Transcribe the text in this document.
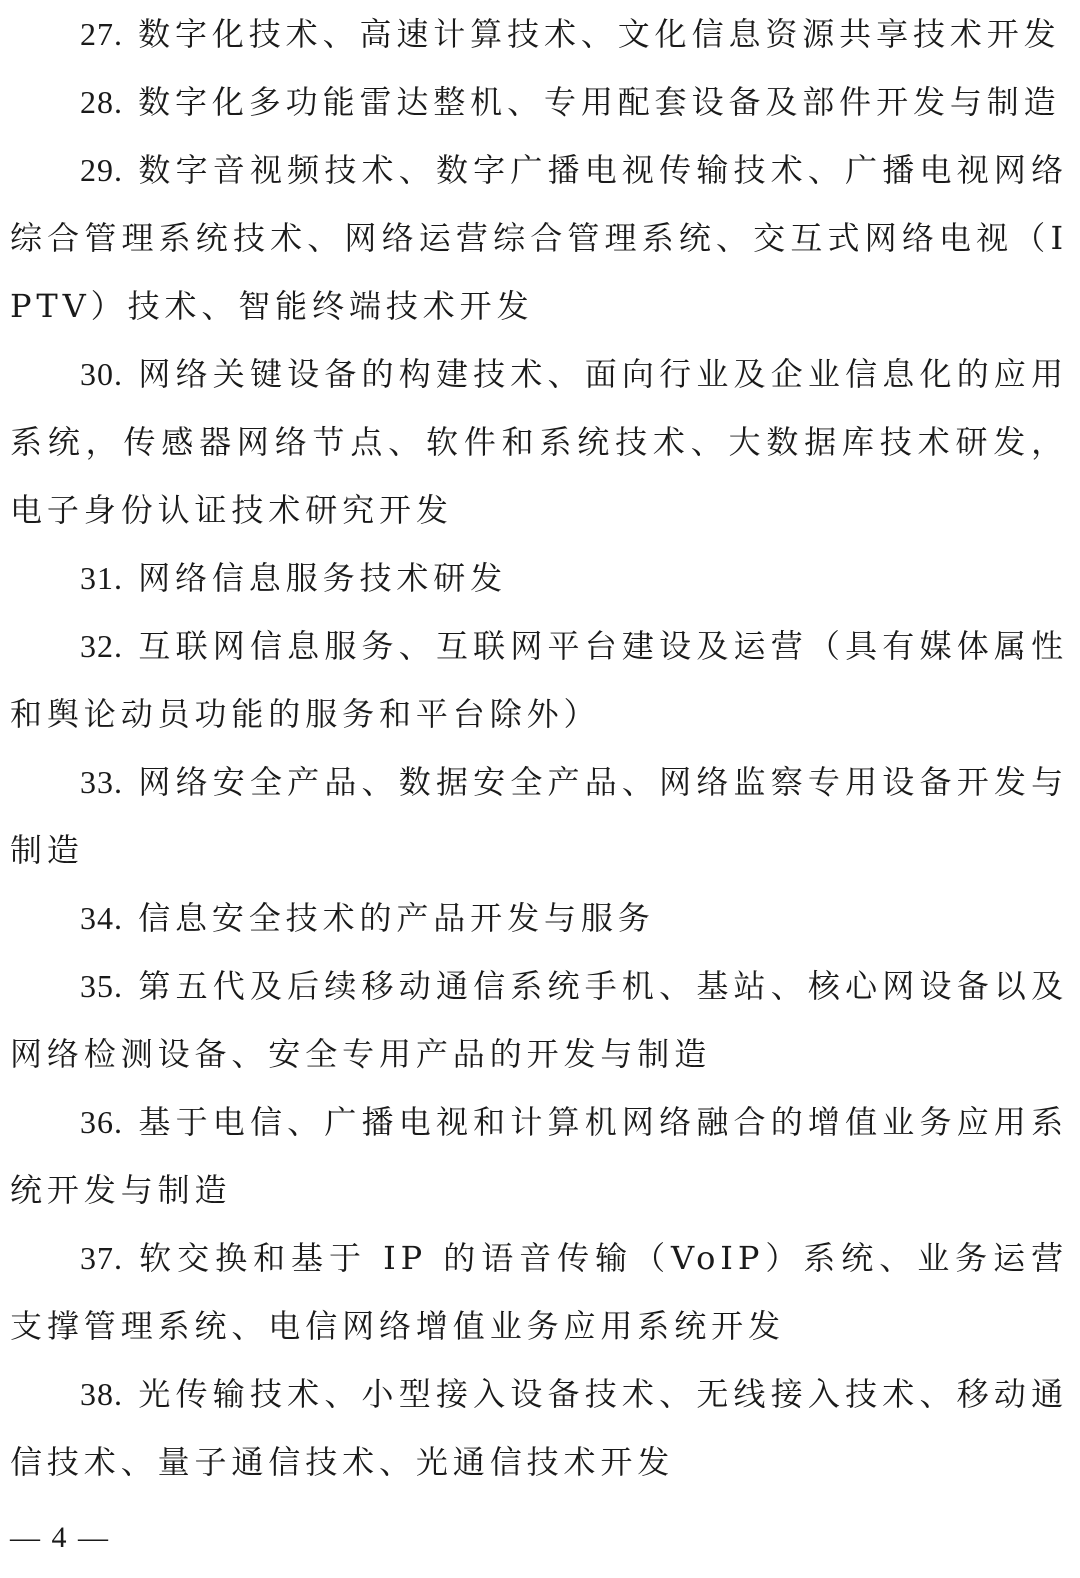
27. 数字化技术、高速计算技术、文化信息资源共享技术开发

28. 数字化多功能雷达整机、专用配套设备及部件开发与制造

29. 数字音视频技术、数字广播电视传输技术、广播电视网络综合管理系统技术、网络运营综合管理系统、交互式网络电视（IPTV）技术、智能终端技术开发

30. 网络关键设备的构建技术、面向行业及企业信息化的应用系统，传感器网络节点、软件和系统技术、大数据库技术研发，电子身份认证技术研究开发

31. 网络信息服务技术研发

32. 互联网信息服务、互联网平台建设及运营（具有媒体属性和舆论动员功能的服务和平台除外）

33. 网络安全产品、数据安全产品、网络监察专用设备开发与制造

34. 信息安全技术的产品开发与服务

35. 第五代及后续移动通信系统手机、基站、核心网设备以及网络检测设备、安全专用产品的开发与制造

36. 基于电信、广播电视和计算机网络融合的增值业务应用系统开发与制造

37. 软交换和基于 IP 的语音传输（VoIP）系统、业务运营支撑管理系统、电信网络增值业务应用系统开发

38. 光传输技术、小型接入设备技术、无线接入技术、移动通信技术、量子通信技术、光通信技术开发

— 4 —
